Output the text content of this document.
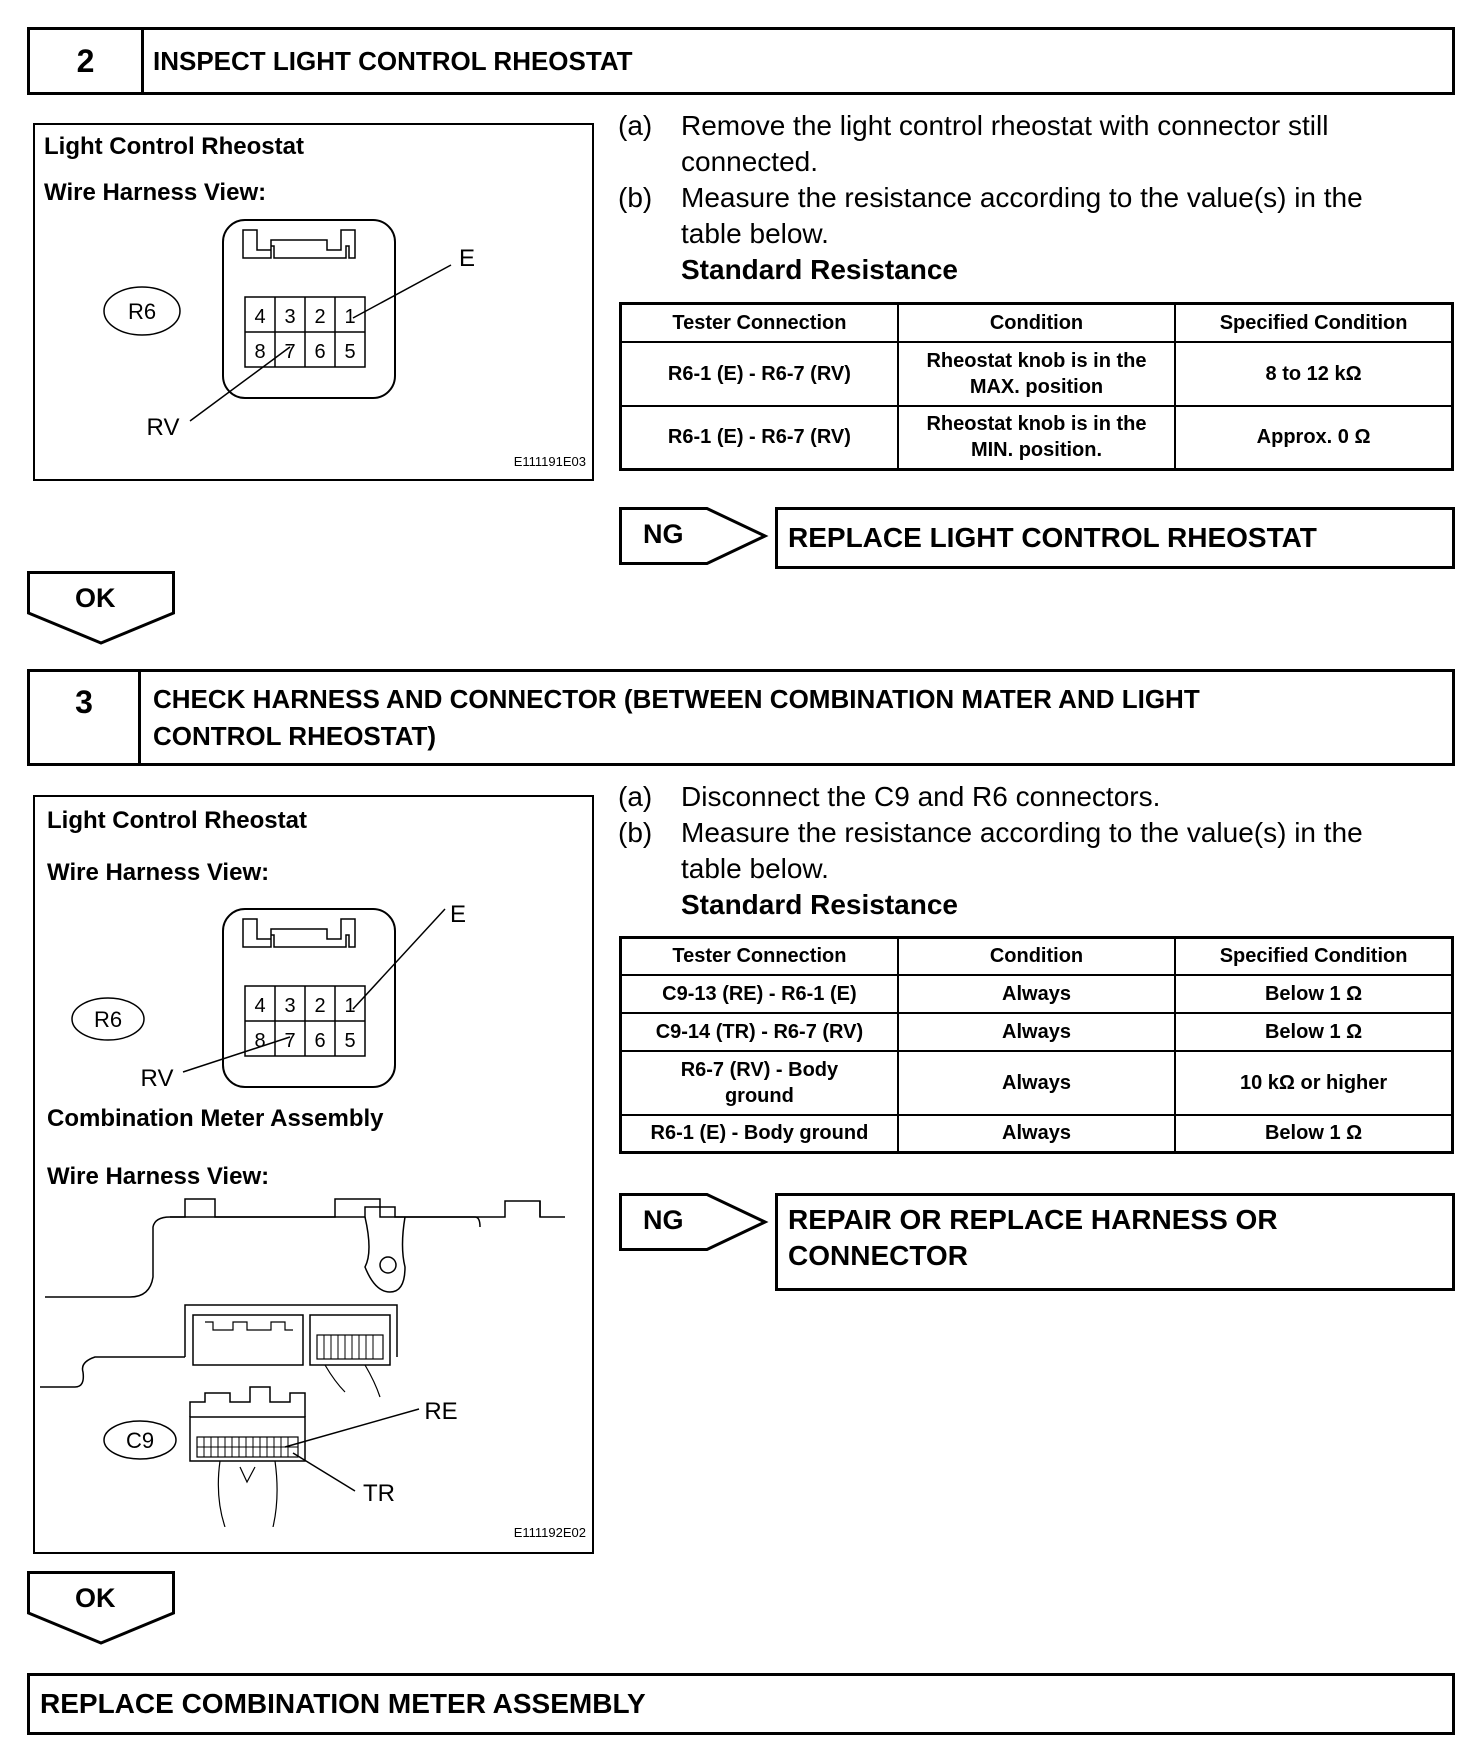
2	INSPECT LIGHT CONTROL RHEOSTAT
Light Control Rheostat
Wire Harness View:
4 3 2 1
8 7 6 5
R6
E
RV
E111191E03
(a)	Remove the light control rheostat with connector still
connected.
(b)	Measure the resistance according to the value(s) in the
table below.
Standard Resistance
Tester Connection	Condition	Specified Condition
R6-1 (E) - R6-7 (RV)	Rheostat knob is in the
MAX. position	8 to 12 kΩ
R6-1 (E) - R6-7 (RV)	Rheostat knob is in the
MIN. position.	Approx. 0 Ω
NG	REPLACE LIGHT CONTROL RHEOSTAT
OK
3	CHECK HARNESS AND CONNECTOR (BETWEEN COMBINATION MATER AND LIGHT
CONTROL RHEOSTAT)
Light Control Rheostat
Wire Harness View:
4 3 2 1
8 7 6 5
R6
E
RV
Combination Meter Assembly
Wire Harness View:
C9
RE
TR
E111192E02
(a)	Disconnect the C9 and R6 connectors.
(b)	Measure the resistance according to the value(s) in the
table below.
Standard Resistance
Tester Connection	Condition	Specified Condition
C9-13 (RE) - R6-1 (E)	Always	Below 1 Ω
C9-14 (TR) - R6-7 (RV)	Always	Below 1 Ω
R6-7 (RV) - Body
ground	Always	10 kΩ or higher
R6-1 (E) - Body ground	Always	Below 1 Ω
NG	REPAIR OR REPLACE HARNESS OR
CONNECTOR
OK
REPLACE COMBINATION METER ASSEMBLY
